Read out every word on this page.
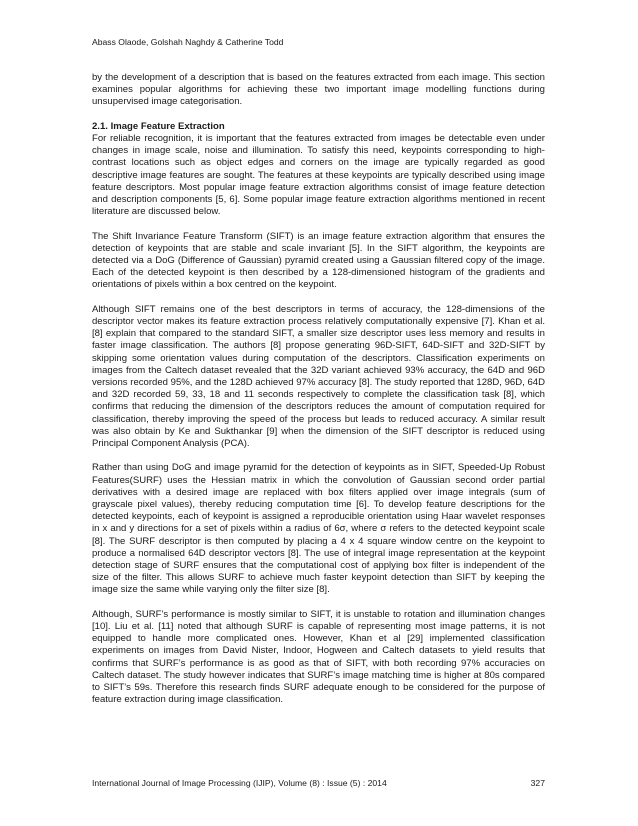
Abass Olaode, Golshah Naghdy & Catherine Todd

by the development of a description that is based on the features extracted from each image. This section examines popular algorithms for achieving these two important image modelling functions during unsupervised image categorisation.

2.1. Image Feature Extraction

For reliable recognition, it is important that the features extracted from images be detectable even under changes in image scale, noise and illumination. To satisfy this need, keypoints corresponding to high-contrast locations such as object edges and corners on the image are typically regarded as good descriptive image features are sought. The features at these keypoints are typically described using image feature descriptors. Most popular image feature extraction algorithms consist of image feature detection and description components [5, 6]. Some popular image feature extraction algorithms mentioned in recent literature are discussed below.

The Shift Invariance Feature Transform (SIFT) is an image feature extraction algorithm that ensures the detection of keypoints that are stable and scale invariant [5]. In the SIFT algorithm, the keypoints are detected via a DoG (Difference of Gaussian) pyramid created using a Gaussian filtered copy of the image. Each of the detected keypoint is then described by a 128-dimensioned histogram of the gradients and orientations of pixels within a box centred on the keypoint.

Although SIFT remains one of the best descriptors in terms of accuracy, the 128-dimensions of the descriptor vector makes its feature extraction process relatively computationally expensive [7]. Khan et al. [8] explain that compared to the standard SIFT, a smaller size descriptor uses less memory and results in faster image classification. The authors [8] propose generating 96D-SIFT, 64D-SIFT and 32D-SIFT by skipping some orientation values during computation of the descriptors. Classification experiments on images from the Caltech dataset revealed that the 32D variant achieved 93% accuracy, the 64D and 96D versions recorded 95%, and the 128D achieved 97% accuracy [8]. The study reported that 128D, 96D, 64D and 32D recorded 59, 33, 18 and 11 seconds respectively to complete the classification task [8], which confirms that reducing the dimension of the descriptors reduces the amount of computation required for classification, thereby improving the speed of the process but leads to reduced accuracy. A similar result was also obtain by Ke and Sukthankar [9] when the dimension of the SIFT descriptor is reduced using Principal Component Analysis (PCA).

Rather than using DoG and image pyramid for the detection of keypoints as in SIFT, Speeded-Up Robust Features(SURF) uses the Hessian matrix in which the convolution of Gaussian second order partial derivatives with a desired image are replaced with box filters applied over image integrals (sum of grayscale pixel values), thereby reducing computation time [6]. To develop feature descriptions for the detected keypoints, each of keypoint is assigned a reproducible orientation using Haar wavelet responses in x and y directions for a set of pixels within a radius of 6σ, where σ refers to the detected keypoint scale [8]. The SURF descriptor is then computed by placing a 4 x 4 square window centre on the keypoint to produce a normalised 64D descriptor vectors [8]. The use of integral image representation at the keypoint detection stage of SURF ensures that the computational cost of applying box filter is independent of the size of the filter. This allows SURF to achieve much faster keypoint detection than SIFT by keeping the image size the same while varying only the filter size [8].

Although, SURF’s performance is mostly similar to SIFT, it is unstable to rotation and illumination changes [10]. Liu et al. [11] noted that although SURF is capable of representing most image patterns, it is not equipped to handle more complicated ones. However, Khan et al [29] implemented classification experiments on images from David Nister, Indoor, Hogween and Caltech datasets to yield results that confirms that SURF’s performance is as good as that of SIFT, with both recording 97% accuracies on Caltech dataset. The study however indicates that SURF’s image matching time is higher at 80s compared to SIFT’s 59s. Therefore this research finds SURF adequate enough to be considered for the purpose of feature extraction during image classification.

International Journal of Image Processing (IJIP), Volume (8) : Issue (5) : 2014	327
